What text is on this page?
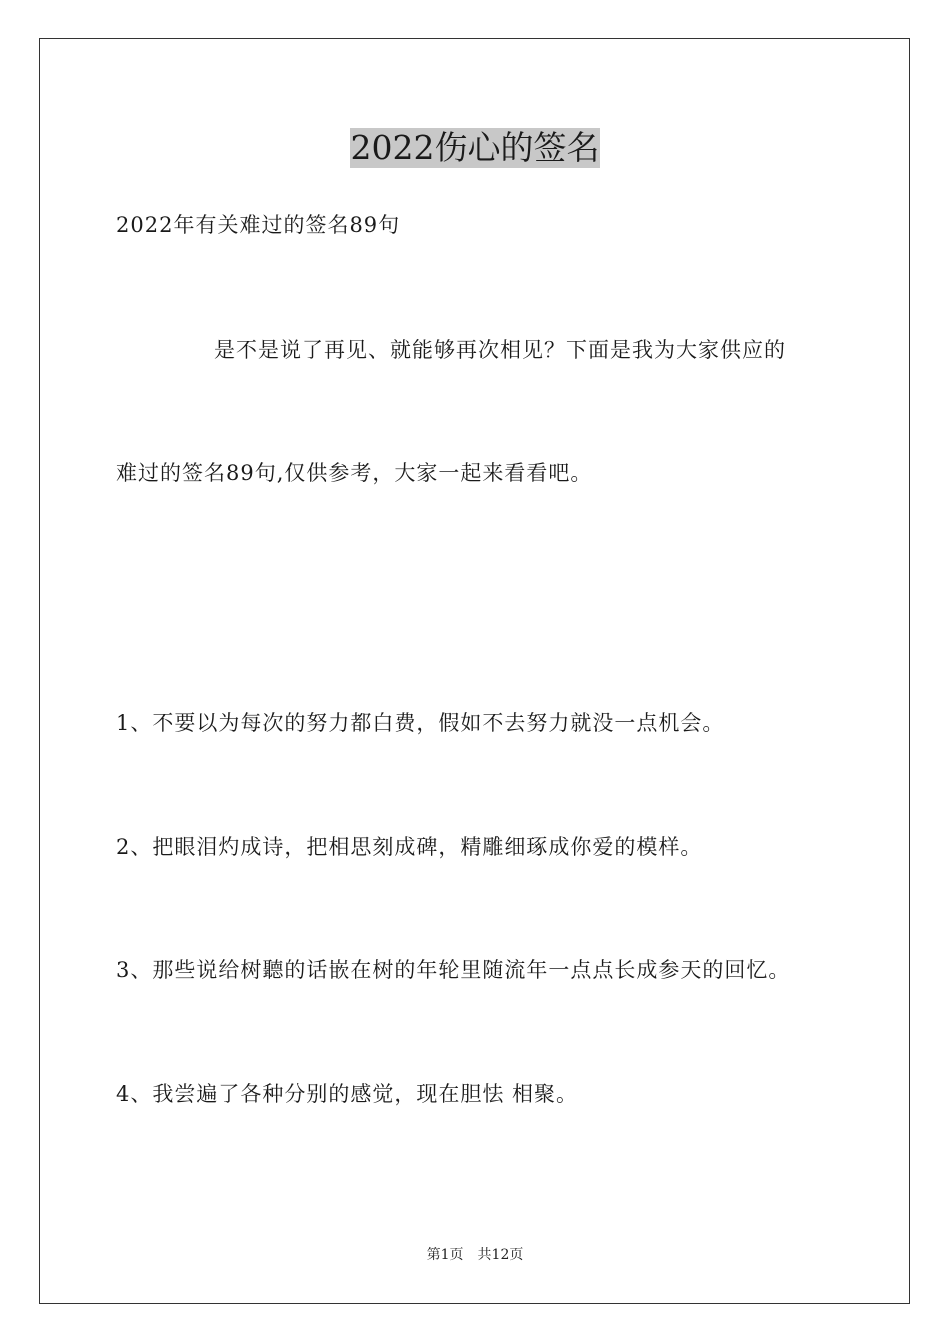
2022伤心的签名
2022年有关难过的签名89句
是不是说了再见、就能够再次相见？下面是我为大家供应的
难过的签名89句,仅供参考，大家一起来看看吧。
1、不要以为每次的努力都白费，假如不去努力就没一点机会。
2、把眼泪灼成诗，把相思刻成碑，精雕细琢成你爱的模样。
3、那些说给树聽的话嵌在树的年轮里随流年一点点长成参天的回忆。
4、我尝遍了各种分别的感觉，现在胆怯 相聚。
第1页 共12页
